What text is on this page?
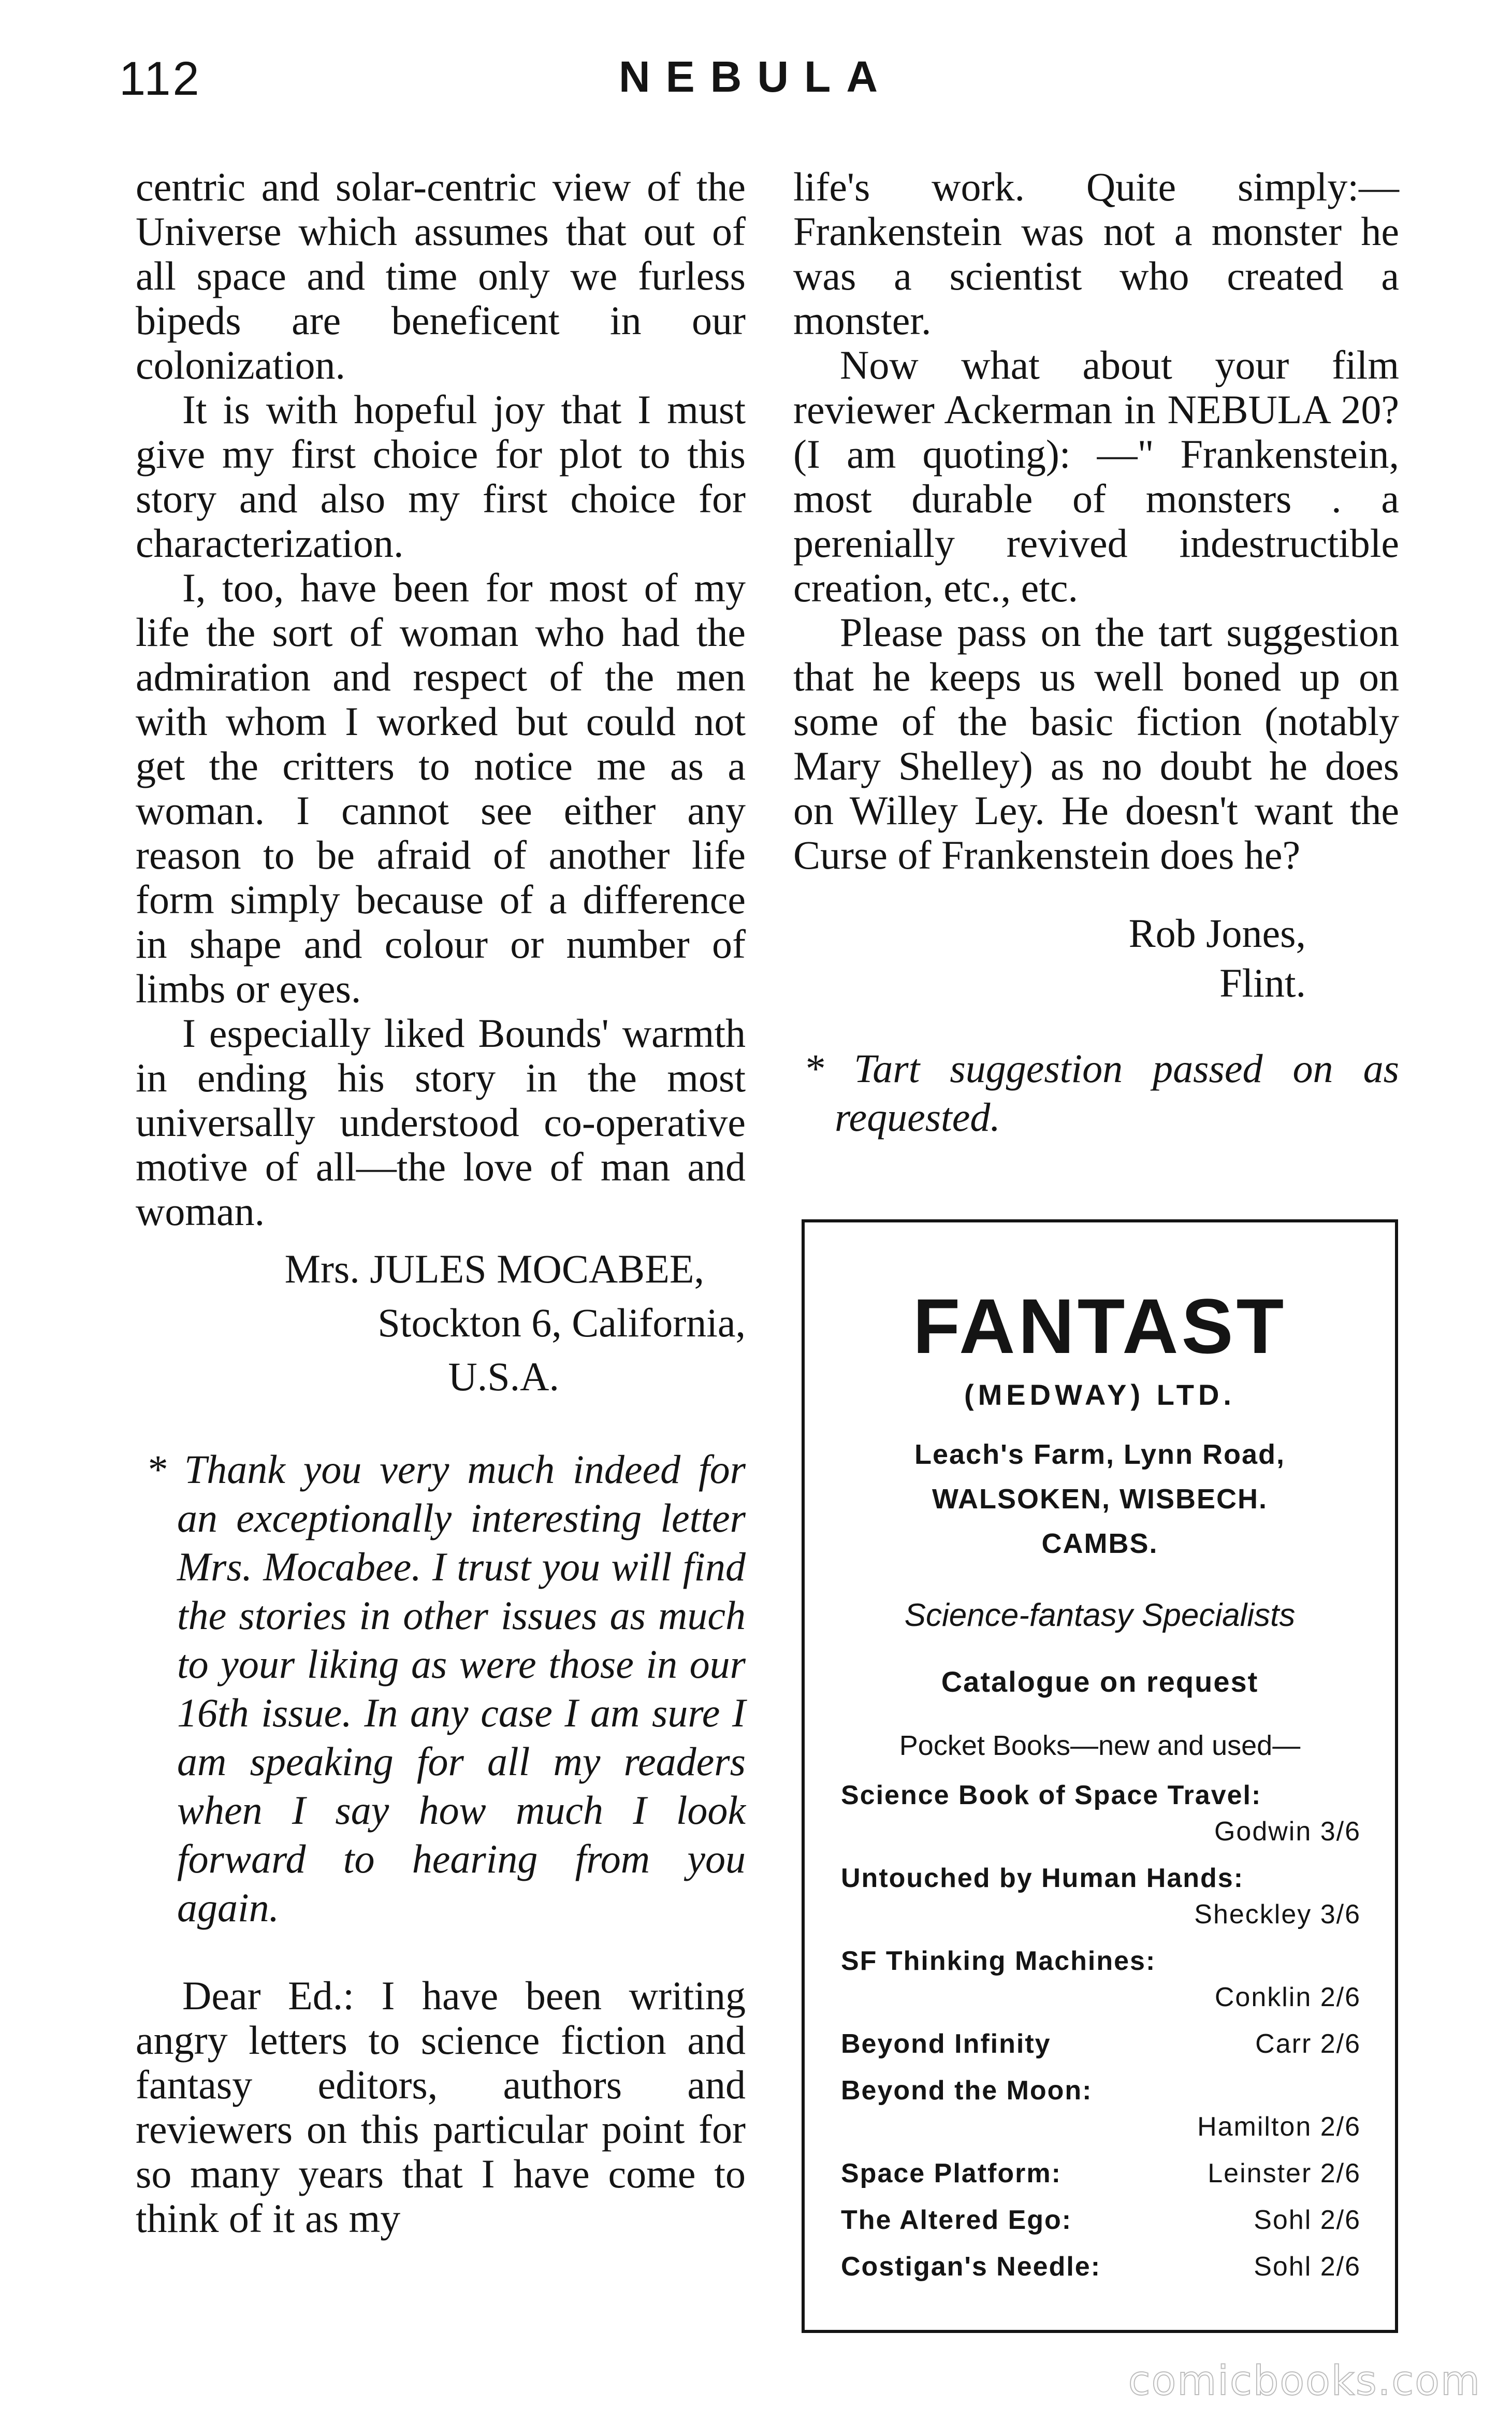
112	NEBULA

centric and solar-centric view of the Universe which assumes that out of all space and time only we furless bipeds are beneficent in our colonization.

It is with hopeful joy that I must give my first choice for plot to this story and also my first choice for characterization.

I, too, have been for most of my life the sort of woman who had the admiration and respect of the men with whom I worked but could not get the critters to notice me as a woman. I cannot see either any reason to be afraid of another life form simply because of a difference in shape and colour or number of limbs or eyes.

I especially liked Bounds' warmth in ending his story in the most universally understood co-operative motive of all—the love of man and woman.

Mrs. JULES MOCABEE,
Stockton 6, California,
U.S.A.

* Thank you very much indeed for an exceptionally interesting letter Mrs. Mocabee. I trust you will find the stories in other issues as much to your liking as were those in our 16th issue. In any case I am sure I am speaking for all my readers when I say how much I look forward to hearing from you again.

Dear Ed.: I have been writing angry letters to science fiction and fantasy editors, authors and reviewers on this particular point for so many years that I have come to think of it as my

life's work. Quite simply:— Frankenstein was not a monster he was a scientist who created a monster.

Now what about your film reviewer Ackerman in NEBULA 20? (I am quoting): —" Frankenstein, most durable of monsters . a perenially revived indestructible creation, etc., etc.

Please pass on the tart suggestion that he keeps us well boned up on some of the basic fiction (notably Mary Shelley) as no doubt he does on Willey Ley. He doesn't want the Curse of Frankenstein does he?

Rob Jones,
Flint.

* Tart suggestion passed on as requested.

FANTAST
(MEDWAY) LTD.
Leach's Farm, Lynn Road,
WALSOKEN, WISBECH.
CAMBS.
Science-fantasy Specialists
Catalogue on request
Pocket Books—new and used—
Science Book of Space Travel:
Godwin 3/6
Untouched by Human Hands:
Sheckley 3/6
SF Thinking Machines:
Conklin 2/6
Beyond Infinity	Carr 2/6
Beyond the Moon:
Hamilton 2/6
Space Platform:	Leinster 2/6
The Altered Ego:	Sohl 2/6
Costigan's Needle:	Sohl 2/6
comicbooks.com
